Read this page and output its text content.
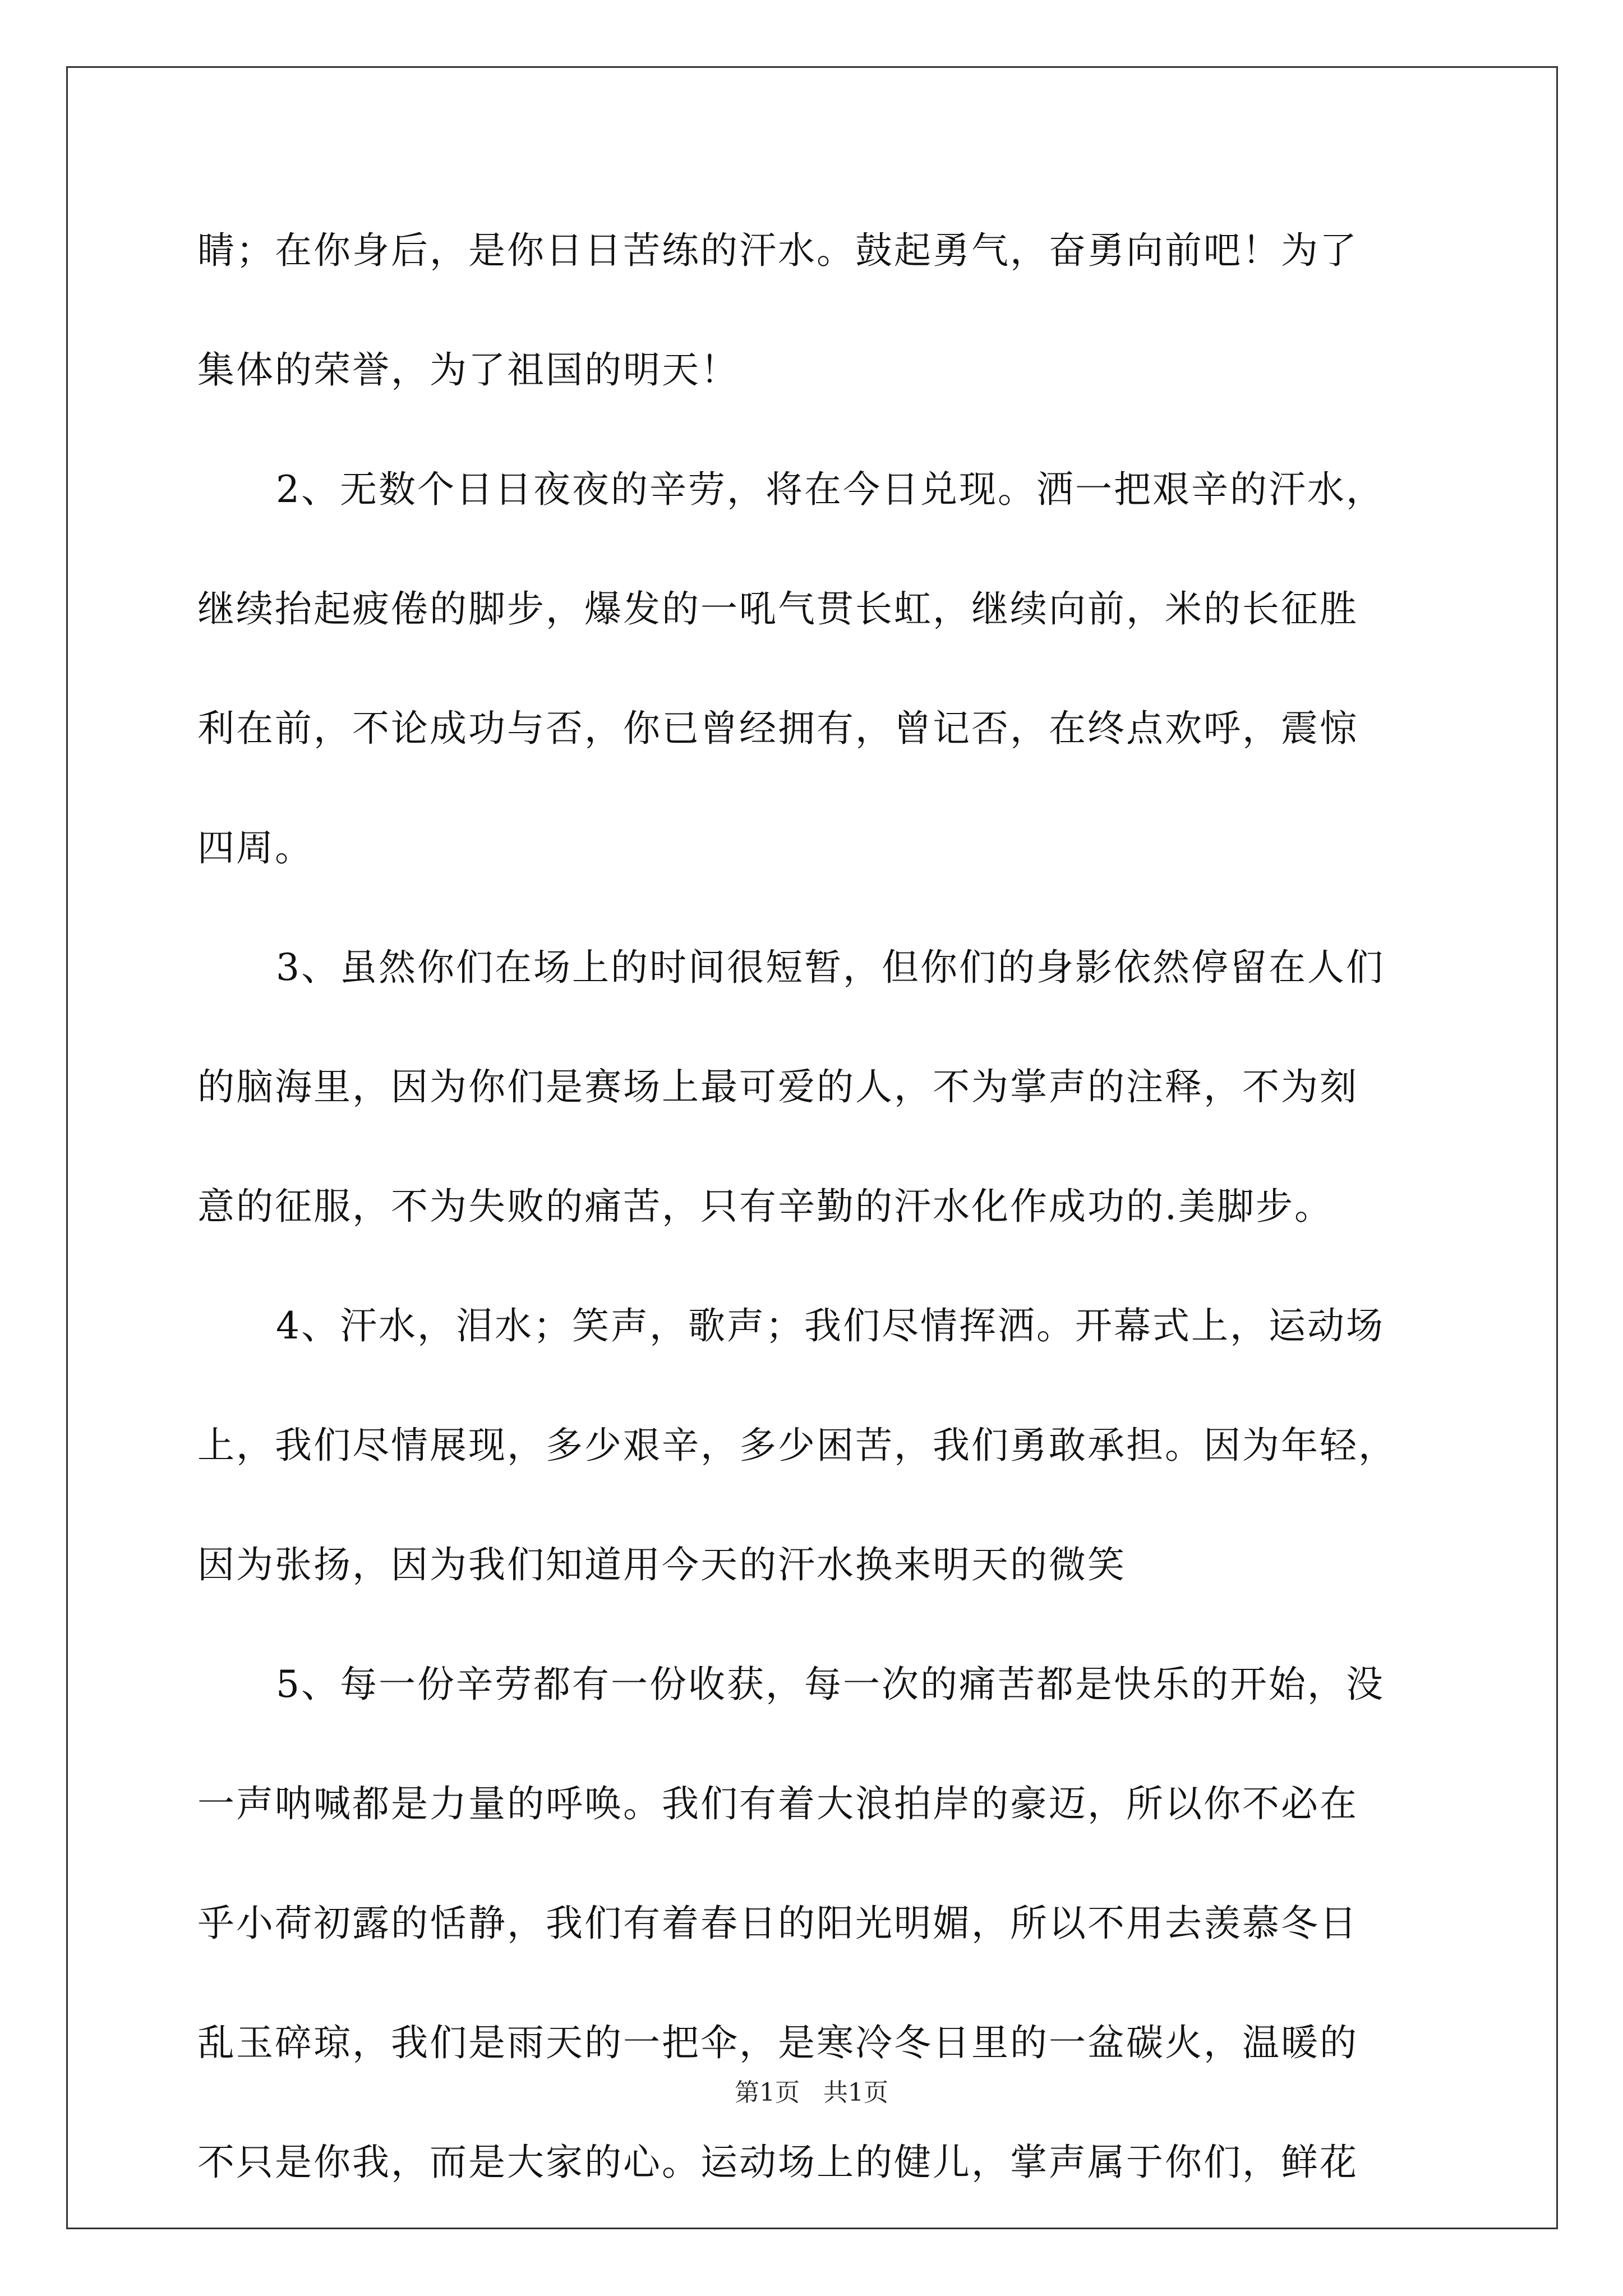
睛；在你身后，是你日日苦练的汗水。鼓起勇气，奋勇向前吧！为了
集体的荣誉，为了祖国的明天！
2、无数个日日夜夜的辛劳，将在今日兑现。洒一把艰辛的汗水，
继续抬起疲倦的脚步，爆发的一吼气贯长虹，继续向前，米的长征胜
利在前，不论成功与否，你已曾经拥有，曾记否，在终点欢呼，震惊
四周。
3、虽然你们在场上的时间很短暂，但你们的身影依然停留在人们
的脑海里，因为你们是赛场上最可爱的人，不为掌声的注释，不为刻
意的征服，不为失败的痛苦，只有辛勤的汗水化作成功的.美脚步。
4、汗水，泪水；笑声，歌声；我们尽情挥洒。开幕式上，运动场
上，我们尽情展现，多少艰辛，多少困苦，我们勇敢承担。因为年轻，
因为张扬，因为我们知道用今天的汗水换来明天的微笑
5、每一份辛劳都有一份收获，每一次的痛苦都是快乐的开始，没
一声呐喊都是力量的呼唤。我们有着大浪拍岸的豪迈，所以你不必在
乎小荷初露的恬静，我们有着春日的阳光明媚，所以不用去羡慕冬日
乱玉碎琼，我们是雨天的一把伞，是寒冷冬日里的一盆碳火，温暖的
不只是你我，而是大家的心。运动场上的健儿，掌声属于你们，鲜花
第1页 共1页
